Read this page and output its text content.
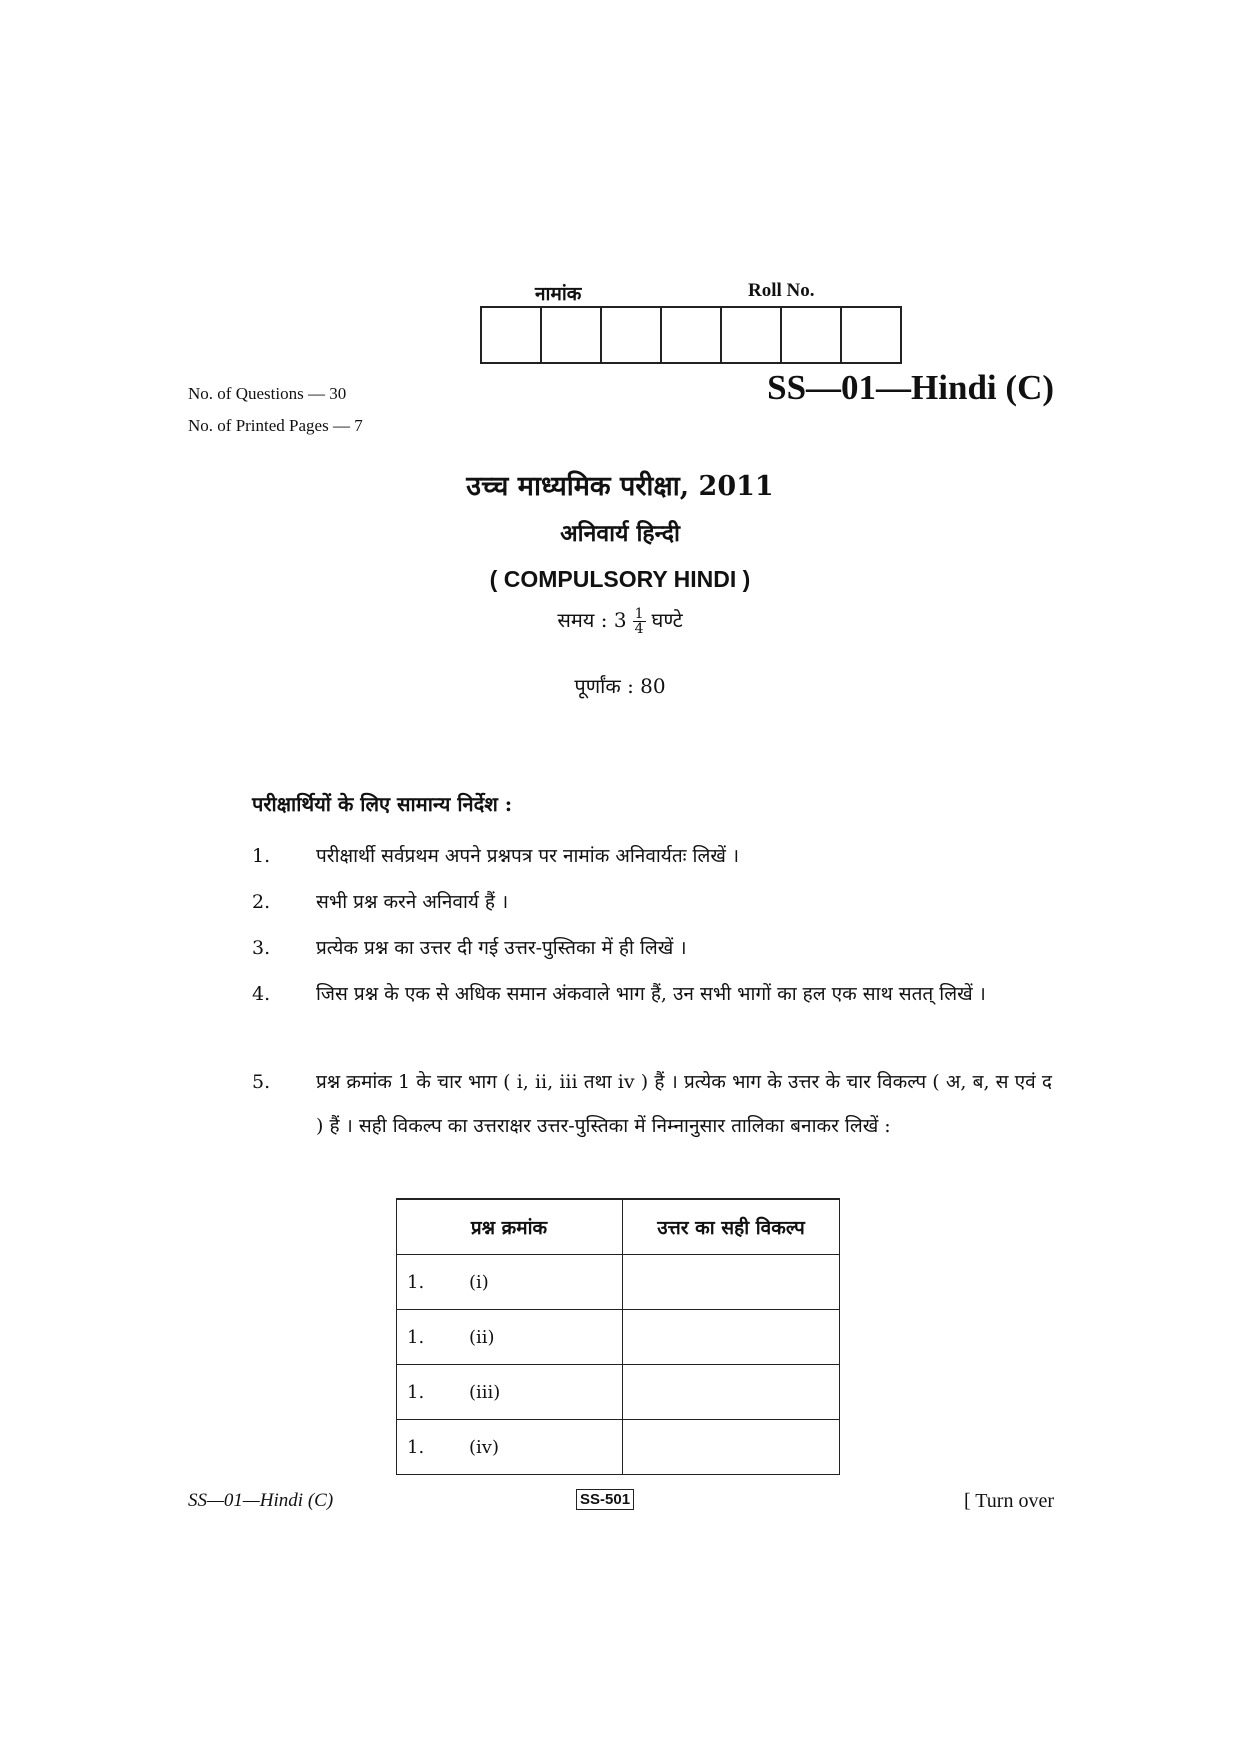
नामांक	Roll No.
No. of Questions — 30
No. of Printed Pages — 7
SS—01—Hindi (C)
उच्च माध्यमिक परीक्षा, 2011
अनिवार्य हिन्दी
( COMPULSORY HINDI )
समय : $3 \frac{1}{4}$ घण्टे
पूर्णांक : 80
परीक्षार्थियों के लिए सामान्य निर्देश :
1.	परीक्षार्थी सर्वप्रथम अपने प्रश्नपत्र पर नामांक अनिवार्यतः लिखें ।
2.	सभी प्रश्न करने अनिवार्य हैं ।
3.	प्रत्येक प्रश्न का उत्तर दी गई उत्तर-पुस्तिका में ही लिखें ।
4.	जिस प्रश्न के एक से अधिक समान अंकवाले भाग हैं, उन सभी भागों का हल एक साथ सतत् लिखें ।
5.	प्रश्न क्रमांक 1 के चार भाग ( i, ii, iii तथा iv ) हैं । प्रत्येक भाग के उत्तर के चार विकल्प ( अ, ब, स एवं द ) हैं । सही विकल्प का उत्तराक्षर उत्तर-पुस्तिका में निम्नानुसार तालिका बनाकर लिखें :
प्रश्न क्रमांक	उत्तर का सही विकल्प
1. (i)	
1. (ii)	
1. (iii)	
1. (iv)	
SS—01—Hindi (C)	SS-501	[ Turn over
